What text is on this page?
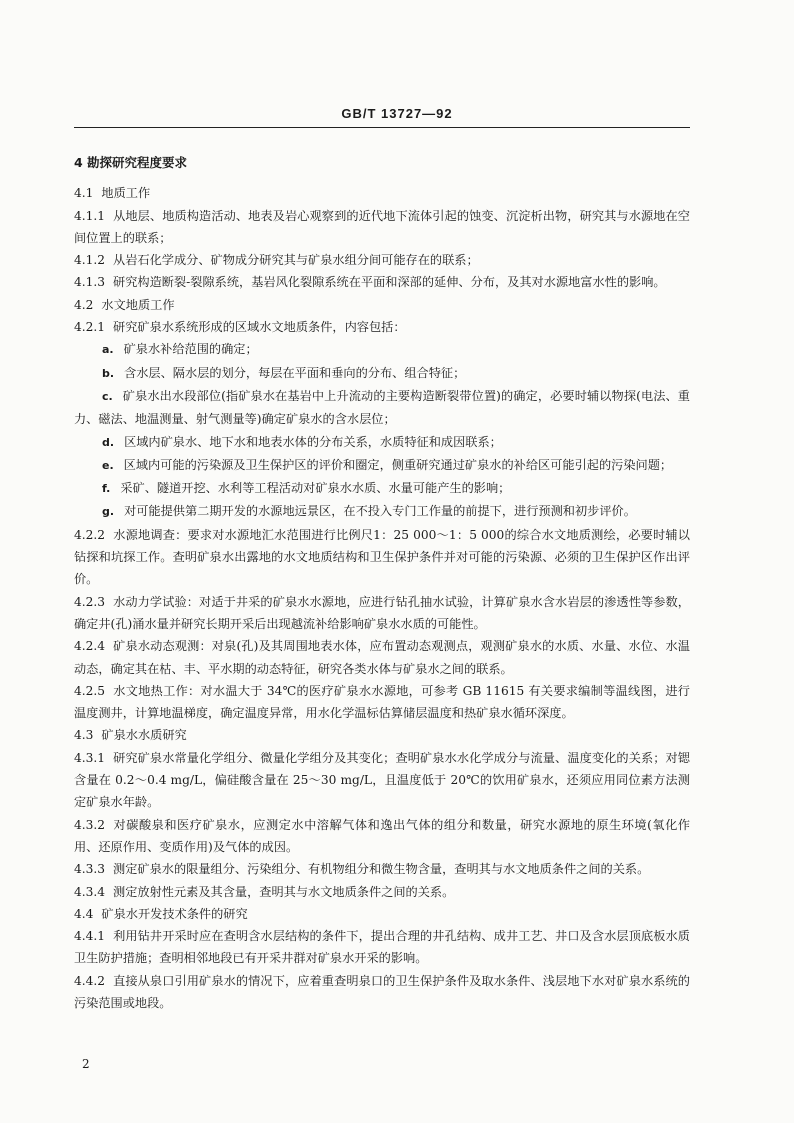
GB/T 13727—92

4 勘探研究程度要求

4.1 地质工作

4.1.1 从地层、地质构造活动、地表及岩心观察到的近代地下流体引起的蚀变、沉淀析出物，研究其与水源地在空间位置上的联系；

4.1.2 从岩石化学成分、矿物成分研究其与矿泉水组分间可能存在的联系；

4.1.3 研究构造断裂-裂隙系统，基岩风化裂隙系统在平面和深部的延伸、分布，及其对水源地富水性的影响。

4.2 水文地质工作

4.2.1 研究矿泉水系统形成的区域水文地质条件，内容包括：

a. 矿泉水补给范围的确定；

b. 含水层、隔水层的划分，每层在平面和垂向的分布、组合特征；

c. 矿泉水出水段部位(指矿泉水在基岩中上升流动的主要构造断裂带位置)的确定，必要时辅以物探(电法、重力、磁法、地温测量、射气测量等)确定矿泉水的含水层位；

d. 区域内矿泉水、地下水和地表水体的分布关系，水质特征和成因联系；

e. 区域内可能的污染源及卫生保护区的评价和圈定，侧重研究通过矿泉水的补给区可能引起的污染问题；

f. 采矿、隧道开挖、水利等工程活动对矿泉水水质、水量可能产生的影响；

g. 对可能提供第二期开发的水源地远景区，在不投入专门工作量的前提下，进行预测和初步评价。

4.2.2 水源地调查：要求对水源地汇水范围进行比例尺1：25 000～1：5 000的综合水文地质测绘，必要时辅以钻探和坑探工作。查明矿泉水出露地的水文地质结构和卫生保护条件并对可能的污染源、必须的卫生保护区作出评价。

4.2.3 水动力学试验：对适于井采的矿泉水水源地，应进行钻孔抽水试验，计算矿泉水含水岩层的渗透性等参数，确定井(孔)涌水量并研究长期开采后出现越流补给影响矿泉水水质的可能性。

4.2.4 矿泉水动态观测：对泉(孔)及其周围地表水体，应布置动态观测点，观测矿泉水的水质、水量、水位、水温动态，确定其在枯、丰、平水期的动态特征，研究各类水体与矿泉水之间的联系。

4.2.5 水文地热工作：对水温大于 34℃的医疗矿泉水水源地，可参考 GB 11615 有关要求编制等温线图，进行温度测井，计算地温梯度，确定温度异常，用水化学温标估算储层温度和热矿泉水循环深度。

4.3 矿泉水水质研究

4.3.1 研究矿泉水常量化学组分、微量化学组分及其变化；查明矿泉水水化学成分与流量、温度变化的关系；对锶含量在 0.2～0.4 mg/L，偏硅酸含量在 25～30 mg/L，且温度低于 20℃的饮用矿泉水，还须应用同位素方法测定矿泉水年龄。

4.3.2 对碳酸泉和医疗矿泉水，应测定水中溶解气体和逸出气体的组分和数量，研究水源地的原生环境(氧化作用、还原作用、变质作用)及气体的成因。

4.3.3 测定矿泉水的限量组分、污染组分、有机物组分和微生物含量，查明其与水文地质条件之间的关系。

4.3.4 测定放射性元素及其含量，查明其与水文地质条件之间的关系。

4.4 矿泉水开发技术条件的研究

4.4.1 利用钻井开采时应在查明含水层结构的条件下，提出合理的井孔结构、成井工艺、井口及含水层顶底板水质卫生防护措施；查明相邻地段已有开采井群对矿泉水开采的影响。

4.4.2 直接从泉口引用矿泉水的情况下，应着重查明泉口的卫生保护条件及取水条件、浅层地下水对矿泉水系统的污染范围或地段。

2
